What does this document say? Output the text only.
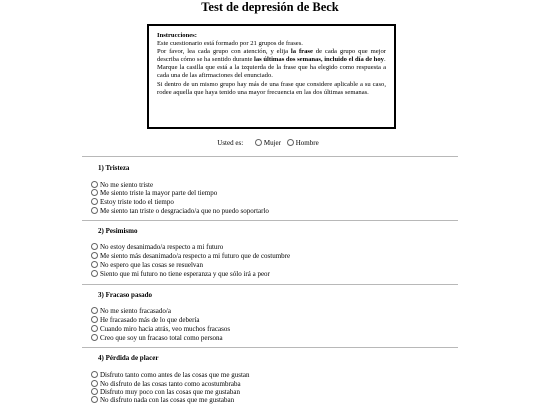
Test de depresión de Beck

Instrucciones:

Este cuestionario está formado por 21 grupos de frases.

Por favor, lea cada grupo con atención, y elija la frase de cada grupo que mejor describa cómo se ha sentido durante las últimas dos semanas, incluido el día de hoy.

Marque la casilla que está a la izquierda de la frase que ha elegido como respuesta a cada una de las afirmaciones del enunciado.

Si dentro de un mismo grupo hay más de una frase que considere aplicable a su caso, rodee aquella que haya tenido una mayor frecuencia en las dos últimas semanas.

Usted es:	Mujer Hombre
1) Tristeza
No me siento triste
Me siento triste la mayor parte del tiempo
Estoy triste todo el tiempo
Me siento tan triste o desgraciado/a que no puedo soportarlo
2) Pesimismo
No estoy desanimado/a respecto a mi futuro
Me siento más desanimado/a respecto a mi futuro que de costumbre
No espero que las cosas se resuelvan
Siento que mi futuro no tiene esperanza y que sólo irá a peor
3) Fracaso pasado
No me siento fracasado/a
He fracasado más de lo que debería
Cuando miro hacia atrás, veo muchos fracasos
Creo que soy un fracaso total como persona
4) Pérdida de placer
Disfruto tanto como antes de las cosas que me gustan
No disfruto de las cosas tanto como acostumbraba
Disfruto muy poco con las cosas que me gustaban
No disfruto nada con las cosas que me gustaban
